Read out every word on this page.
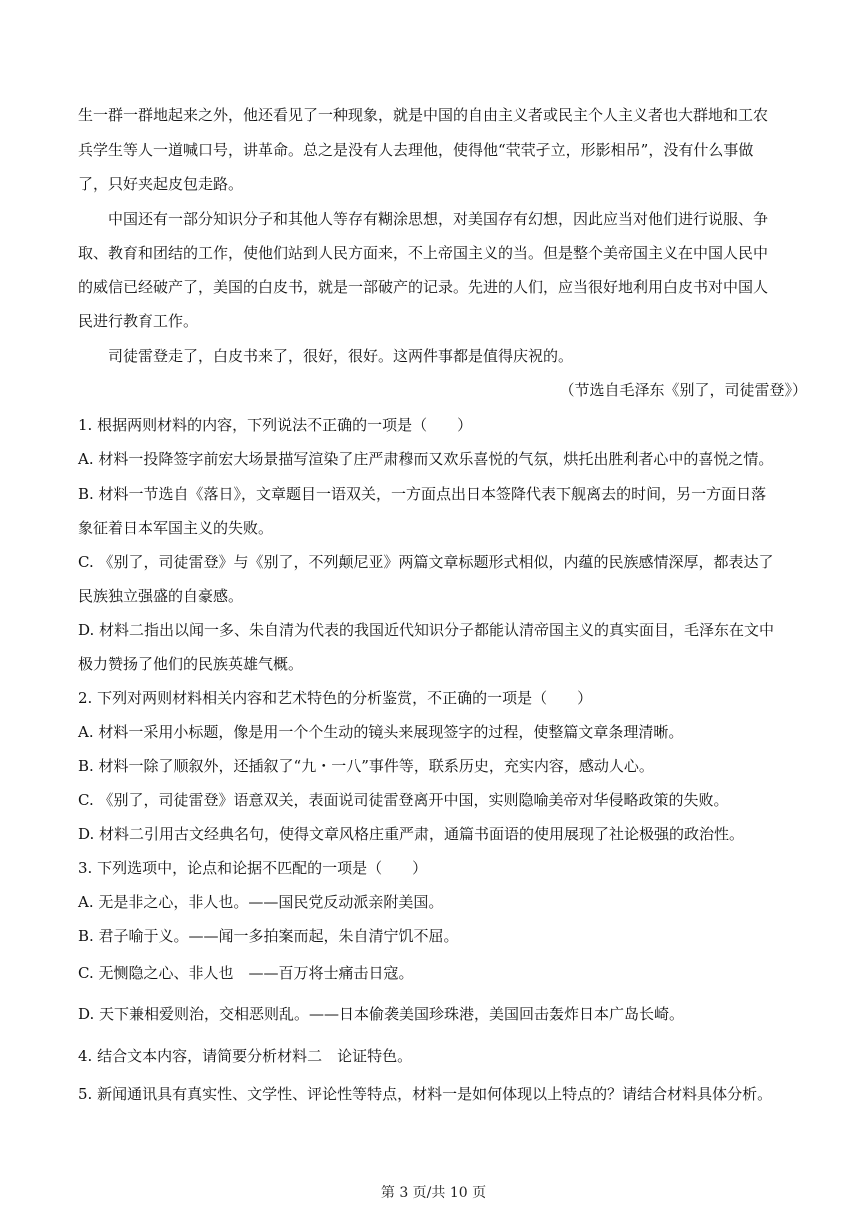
生一群一群地起来之外，他还看见了一种现象，就是中国的自由主义者或民主个人主义者也大群地和工农
兵学生等人一道喊口号，讲革命。总之是没有人去理他，使得他“茕茕孑立，形影相吊”，没有什么事做
了，只好夹起皮包走路。
中国还有一部分知识分子和其他人等存有糊涂思想，对美国存有幻想，因此应当对他们进行说服、争
取、教育和团结的工作，使他们站到人民方面来，不上帝国主义的当。但是整个美帝国主义在中国人民中
的威信已经破产了，美国的白皮书，就是一部破产的记录。先进的人们，应当很好地利用白皮书对中国人
民进行教育工作。
司徒雷登走了，白皮书来了，很好，很好。这两件事都是值得庆祝的。
（节选自毛泽东《别了，司徒雷登》）
1. 根据两则材料的内容，下列说法不正确的一项是（　　）
A. 材料一投降签字前宏大场景描写渲染了庄严肃穆而又欢乐喜悦的气氛，烘托出胜利者心中的喜悦之情。
B. 材料一节选自《落日》，文章题目一语双关，一方面点出日本签降代表下舰离去的时间，另一方面日落
象征着日本军国主义的失败。
C. 《别了，司徒雷登》与《别了，不列颠尼亚》两篇文章标题形式相似，内蕴的民族感情深厚，都表达了
民族独立强盛的自豪感。
D. 材料二指出以闻一多、朱自清为代表的我国近代知识分子都能认清帝国主义的真实面目，毛泽东在文中
极力赞扬了他们的民族英雄气概。
2. 下列对两则材料相关内容和艺术特色的分析鉴赏，不正确的一项是（　　）
A. 材料一采用小标题，像是用一个个生动的镜头来展现签字的过程，使整篇文章条理清晰。
B. 材料一除了顺叙外，还插叙了“九・一八”事件等，联系历史，充实内容，感动人心。
C. 《别了，司徒雷登》语意双关，表面说司徒雷登离开中国，实则隐喻美帝对华侵略政策的失败。
D. 材料二引用古文经典名句，使得文章风格庄重严肃，通篇书面语的使用展现了社论极强的政治性。
3. 下列选项中，论点和论据不匹配的一项是（　　）
A. 无是非之心，非人也。——国民党反动派亲附美国。
B. 君子喻于义。——闻一多拍案而起，朱自清宁饥不屈。
C. 无恻隐之心、非人也　——百万将士痛击日寇。
D. 天下兼相爱则治，交相恶则乱。——日本偷袭美国珍珠港，美国回击轰炸日本广岛长崎。
4. 结合文本内容，请简要分析材料二　论证特色。
5. 新闻通讯具有真实性、文学性、评论性等特点，材料一是如何体现以上特点的？请结合材料具体分析。
第 3 页/共 10 页
